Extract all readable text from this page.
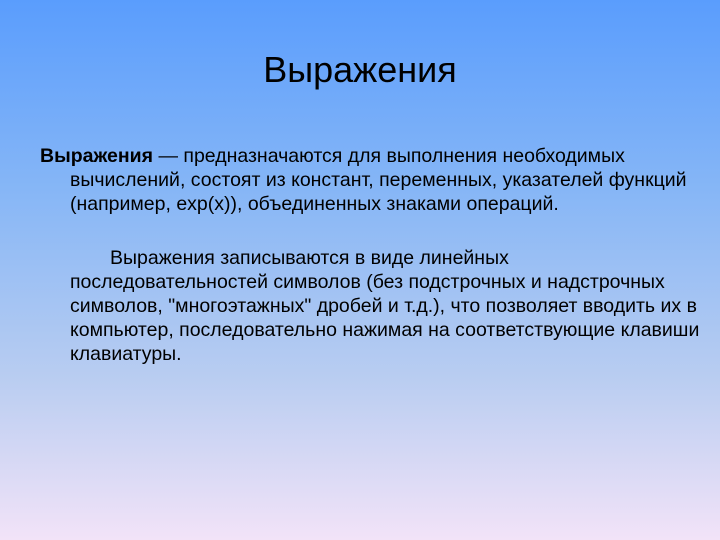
Выражения

Выражения — предназначаются для выполнения необходимых вычислений, состоят из констант, переменных, указателей функций (например, exp(x)), объединенных знаками операций.

Выражения записываются в виде линейных последовательностей символов (без подстрочных и надстрочных символов, "многоэтажных" дробей и т.д.), что позволяет вводить их в компьютер, последовательно нажимая на соответствующие клавиши клавиатуры.
